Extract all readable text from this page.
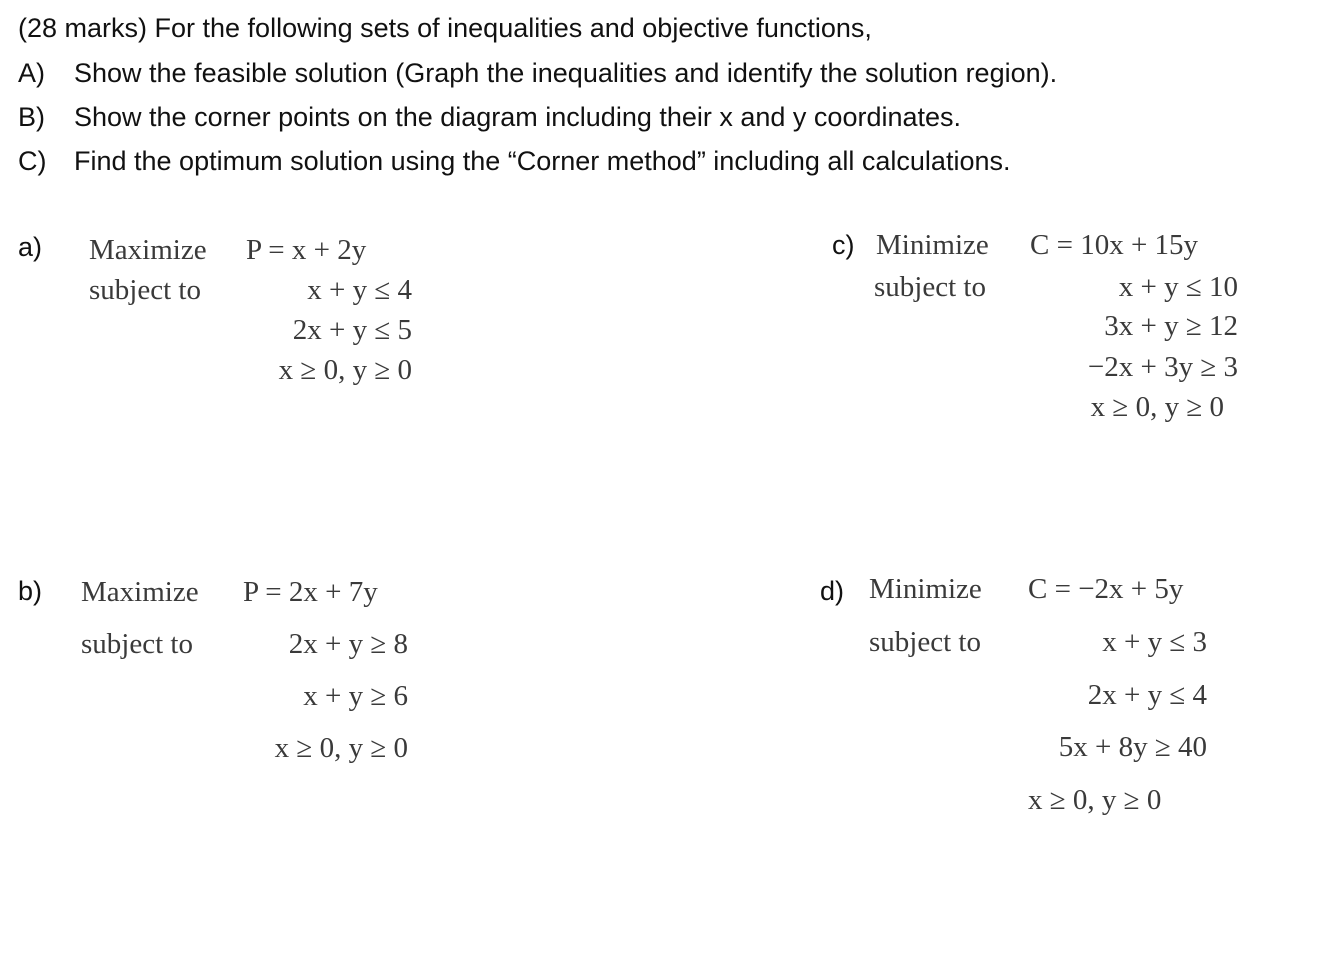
(28 marks) For the following sets of inequalities and objective functions,
A) Show the feasible solution (Graph the inequalities and identify the solution region).
B) Show the corner points on the diagram including their x and y coordinates.
C) Find the optimum solution using the “Corner method” including all calculations.
a) Maximize P = x + 2y
subject to	x + y ≤ 4
2x + y ≤ 5
x ≥ 0, y ≥ 0
c) Minimize C = 10x + 15y
subject to	x + y ≤ 10
3x + y ≥ 12
−2x + 3y ≥ 3
x ≥ 0, y ≥ 0
b) Maximize P = 2x + 7y
subject to	2x + y ≥ 8
x + y ≥ 6
x ≥ 0, y ≥ 0
d) Minimize C = −2x + 5y
subject to	x + y ≤ 3
2x + y ≤ 4
5x + 8y ≥ 40
x ≥ 0, y ≥ 0
